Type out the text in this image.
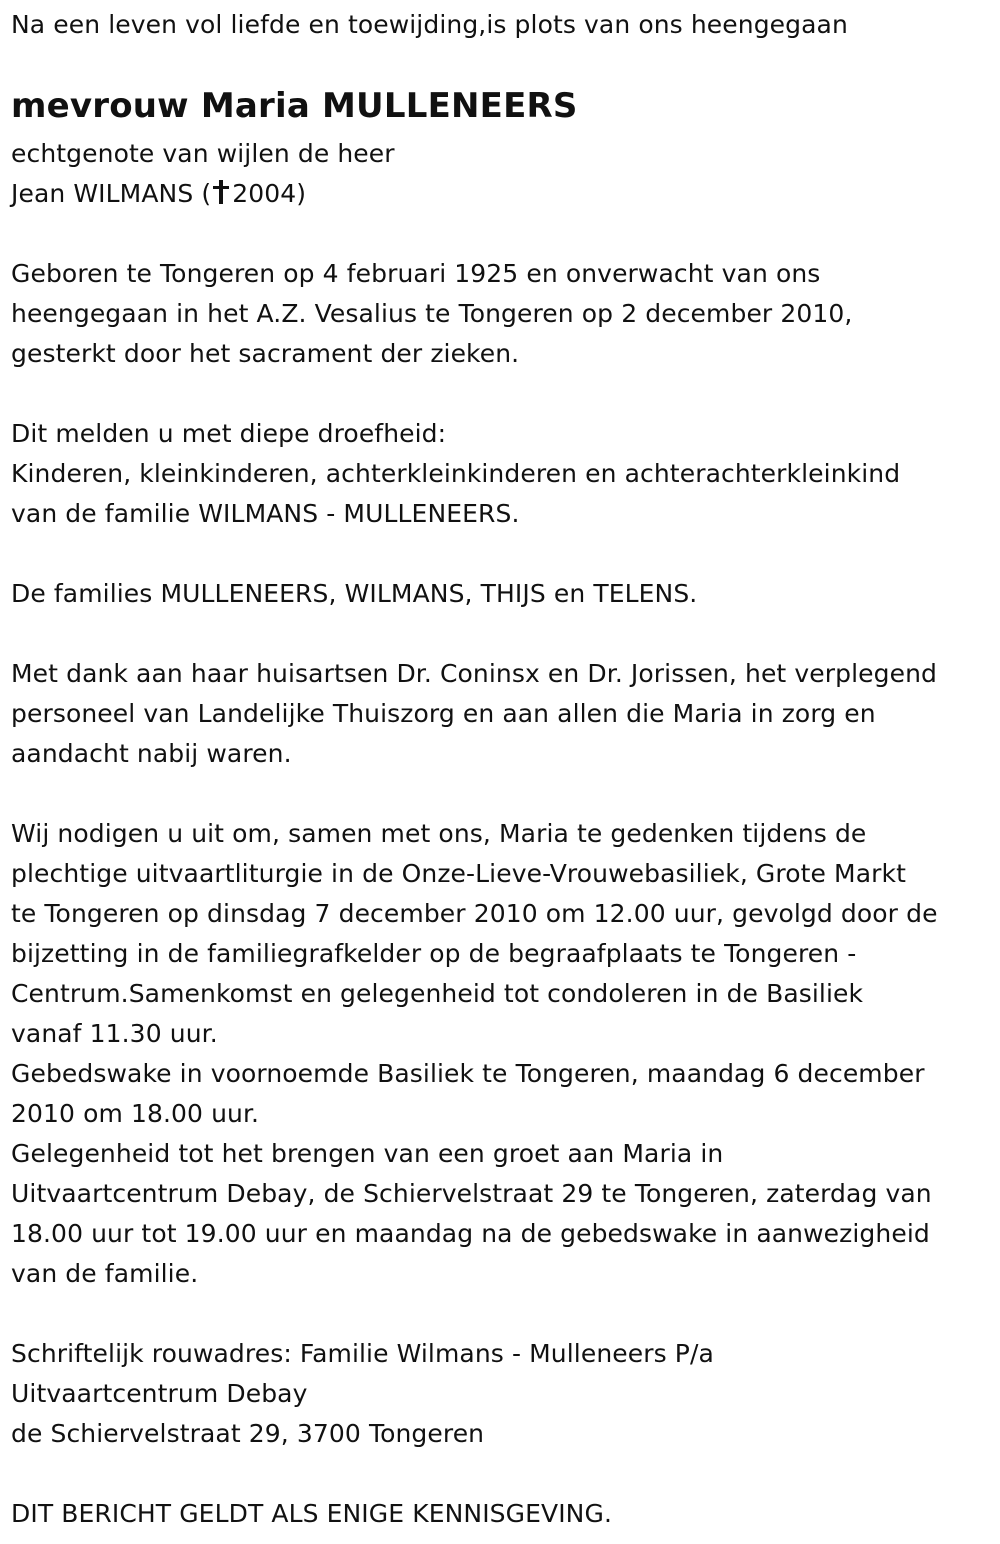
Na een leven vol liefde en toewijding,is plots van ons heengegaan
mevrouw Maria MULLENEERS
echtgenote van wijlen de heer
Jean WILMANS ( 2004)
Geboren te Tongeren op 4 februari 1925 en onverwacht van ons
heengegaan in het A.Z. Vesalius te Tongeren op 2 december 2010,
gesterkt door het sacrament der zieken.
Dit melden u met diepe droefheid:
Kinderen, kleinkinderen, achterkleinkinderen en achterachterkleinkind
van de familie WILMANS - MULLENEERS.
De families MULLENEERS, WILMANS, THIJS en TELENS.
Met dank aan haar huisartsen Dr. Coninsx en Dr. Jorissen, het verplegend
personeel van Landelijke Thuiszorg en aan allen die Maria in zorg en
aandacht nabij waren.
Wij nodigen u uit om, samen met ons, Maria te gedenken tijdens de
plechtige uitvaartliturgie in de Onze-Lieve-Vrouwebasiliek, Grote Markt
te Tongeren op dinsdag 7 december 2010 om 12.00 uur, gevolgd door de
bijzetting in de familiegrafkelder op de begraafplaats te Tongeren -
Centrum.Samenkomst en gelegenheid tot condoleren in de Basiliek
vanaf 11.30 uur.
Gebedswake in voornoemde Basiliek te Tongeren, maandag 6 december
2010 om 18.00 uur.
Gelegenheid tot het brengen van een groet aan Maria in
Uitvaartcentrum Debay, de Schiervelstraat 29 te Tongeren, zaterdag van
18.00 uur tot 19.00 uur en maandag na de gebedswake in aanwezigheid
van de familie.
Schriftelijk rouwadres: Familie Wilmans - Mulleneers P/a
Uitvaartcentrum Debay
de Schiervelstraat 29, 3700 Tongeren
DIT BERICHT GELDT ALS ENIGE KENNISGEVING.
